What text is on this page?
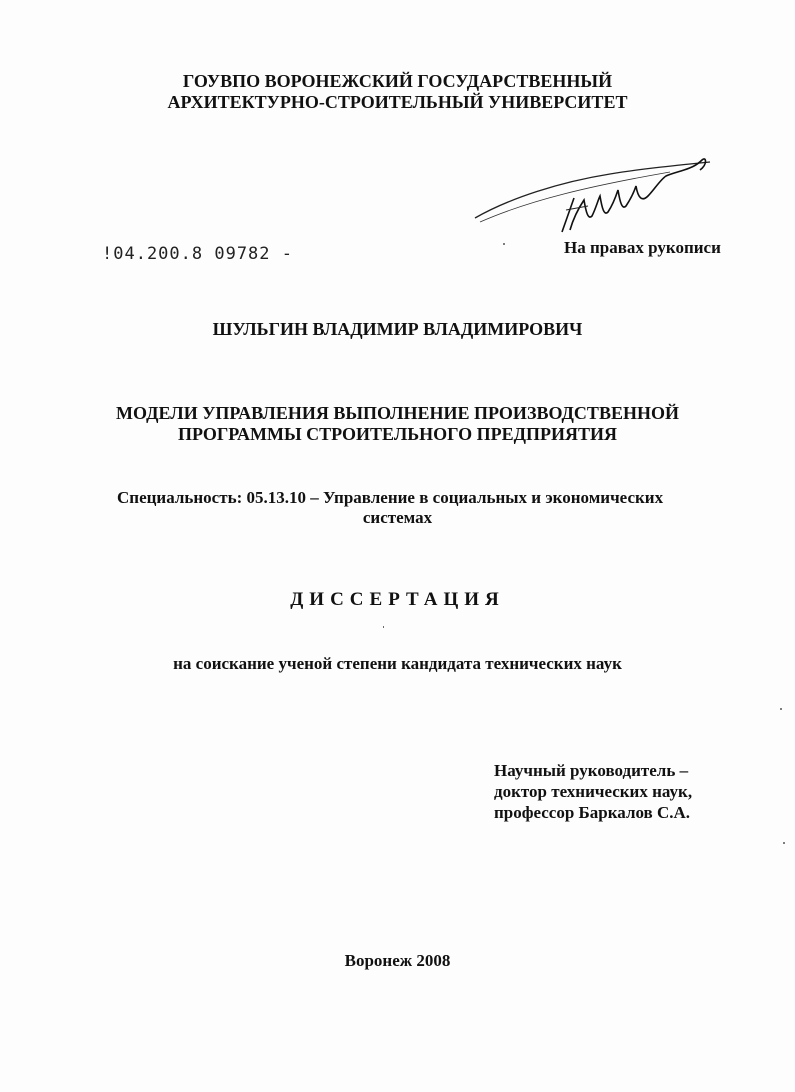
ГОУВПО ВОРОНЕЖСКИЙ ГОСУДАРСТВЕННЫЙ
АРХИТЕКТУРНО-СТРОИТЕЛЬНЫЙ УНИВЕРСИТЕТ
!04.200.8 09782 -	На правах рукописи
ШУЛЬГИН ВЛАДИМИР ВЛАДИМИРОВИЧ
МОДЕЛИ УПРАВЛЕНИЯ ВЫПОЛНЕНИЕ ПРОИЗВОДСТВЕННОЙ
ПРОГРАММЫ СТРОИТЕЛЬНОГО ПРЕДПРИЯТИЯ
Специальность: 05.13.10 – Управление в социальных и экономических
системах
ДИССЕРТАЦИЯ
на соискание ученой степени кандидата технических наук
Научный руководитель –
доктор технических наук,
профессор Баркалов С.А.
Воронеж 2008
